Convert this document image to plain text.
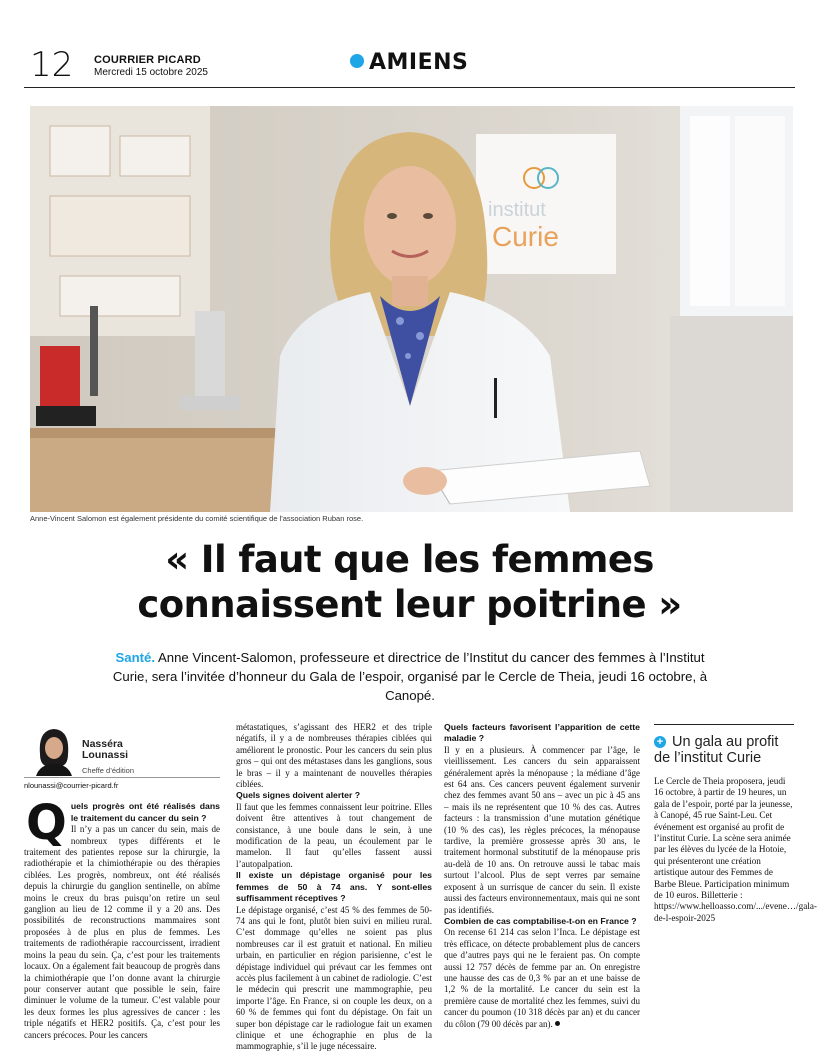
12 COURRIER PICARD
Mercredi 15 octobre 2025	AMIENS
institut
Curie
Anne-Vincent Salomon est également présidente du comité scientifique de l'association Ruban rose.
« Il faut que les femmes
connaissent leur poitrine »
Santé. Anne Vincent-Salomon, professeure et directrice de l’Institut du cancer des femmes à l’Institut Curie, sera l’invitée d’honneur du Gala de l’espoir, organisé par le Cercle de Theia, jeudi 16 octobre, à Canopé.
Nasséra
Lounassi
Cheffe d’édition
nlounassi@courrier-picard.fr
Q uels progrès ont été réalisés dans le traitement du cancer du sein ?

Il n’y a pas un cancer du sein, mais de nombreux types différents et le traitement des patientes repose sur la chirurgie, la radiothérapie et la chimiothérapie ou des thérapies ciblées. Les progrès, nombreux, ont été réalisés depuis la chirurgie du ganglion sentinelle, on abîme moins le creux du bras puisqu’on retire un seul ganglion au lieu de 12 comme il y a 20 ans. Des possibilités de reconstructions mammaires sont proposées à de plus en plus de femmes. Les traitements de radiothérapie raccourcissent, irradient moins la peau du sein. Ça, c’est pour les traitements locaux. On a également fait beaucoup de progrès dans la chimiothérapie que l’on donne avant la chirurgie pour conserver autant que possible le sein, faire diminuer le volume de la tumeur. C’est valable pour les deux formes les plus agressives de cancer : les triple négatifs et HER2 positifs. Ça, c’est pour les cancers précoces. Pour les cancers

métastatiques, s’agissant des HER2 et des triple négatifs, il y a de nombreuses thérapies ciblées qui améliorent le pronostic. Pour les cancers du sein plus gros – qui ont des métastases dans les ganglions, sous le bras – il y a maintenant de nouvelles thérapies ciblées.

Quels signes doivent alerter ?

Il faut que les femmes connaissent leur poitrine. Elles doivent être attentives à tout changement de consistance, à une boule dans le sein, à une modification de la peau, un écoulement par le mamelon. Il faut qu’elles fassent aussi l’autopalpation.

Il existe un dépistage organisé pour les femmes de 50 à 74 ans. Y sont-elles suffisamment réceptives ?

Le dépistage organisé, c’est 45 % des femmes de 50-74 ans qui le font, plutôt bien suivi en milieu rural. C’est dommage qu’elles ne soient pas plus nombreuses car il est gratuit et national. En milieu urbain, en particulier en région parisienne, c’est le dépistage individuel qui prévaut car les femmes ont accès plus facilement à un cabinet de radiologie. C’est le médecin qui prescrit une mammographie, peu importe l’âge. En France, si on couple les deux, on a 60 % de femmes qui font du dépistage. On fait un super bon dépistage car le radiologue fait un examen clinique et une échographie en plus de la mammographie, s’il le juge nécessaire.

Quels facteurs favorisent l’apparition de cette maladie ?

Il y en a plusieurs. À commencer par l’âge, le vieillissement. Les cancers du sein apparaissent généralement après la ménopause ; la médiane d’âge est 64 ans. Ces cancers peuvent également survenir chez des femmes avant 50 ans – avec un pic à 45 ans – mais ils ne représentent que 10 % des cas. Autres facteurs : la transmission d’une mutation génétique (10 % des cas), les règles précoces, la ménopause tardive, la première grossesse après 30 ans, le traitement hormonal substitutif de la ménopause pris au-delà de 10 ans. On retrouve aussi le tabac mais surtout l’alcool. Plus de sept verres par semaine exposent à un surrisque de cancer du sein. Il existe aussi des facteurs environnementaux, mais qui ne sont pas identifiés.

Combien de cas comptabilise-t-on en France ?

On recense 61 214 cas selon l’Inca. Le dépistage est très efficace, on détecte probablement plus de cancers que d’autres pays qui ne le feraient pas. On compte aussi 12 757 décès de femme par an. On enregistre une hausse des cas de 0,3 % par an et une baisse de 1,2 % de la mortalité. Le cancer du sein est la première cause de mortalité chez les femmes, suivi du cancer du poumon (10 318 décès par an) et du cancer du côlon (79 00 décès par an).

+ Un gala au profit de l’institut Curie
Le Cercle de Theia proposera, jeudi 16 octobre, à partir de 19 heures, un gala de l’espoir, porté par la jeunesse, à Canopé, 45 rue Saint-Leu. Cet événement est organisé au profit de l’institut Curie. La scène sera animée par les élèves du lycée de la Hotoie, qui présenteront une création artistique autour des Femmes de Barbe Bleue. Participation minimum de 10 euros. Billetterie : https://www.helloasso.com/.../evene…/gala-de-l-espoir-2025
